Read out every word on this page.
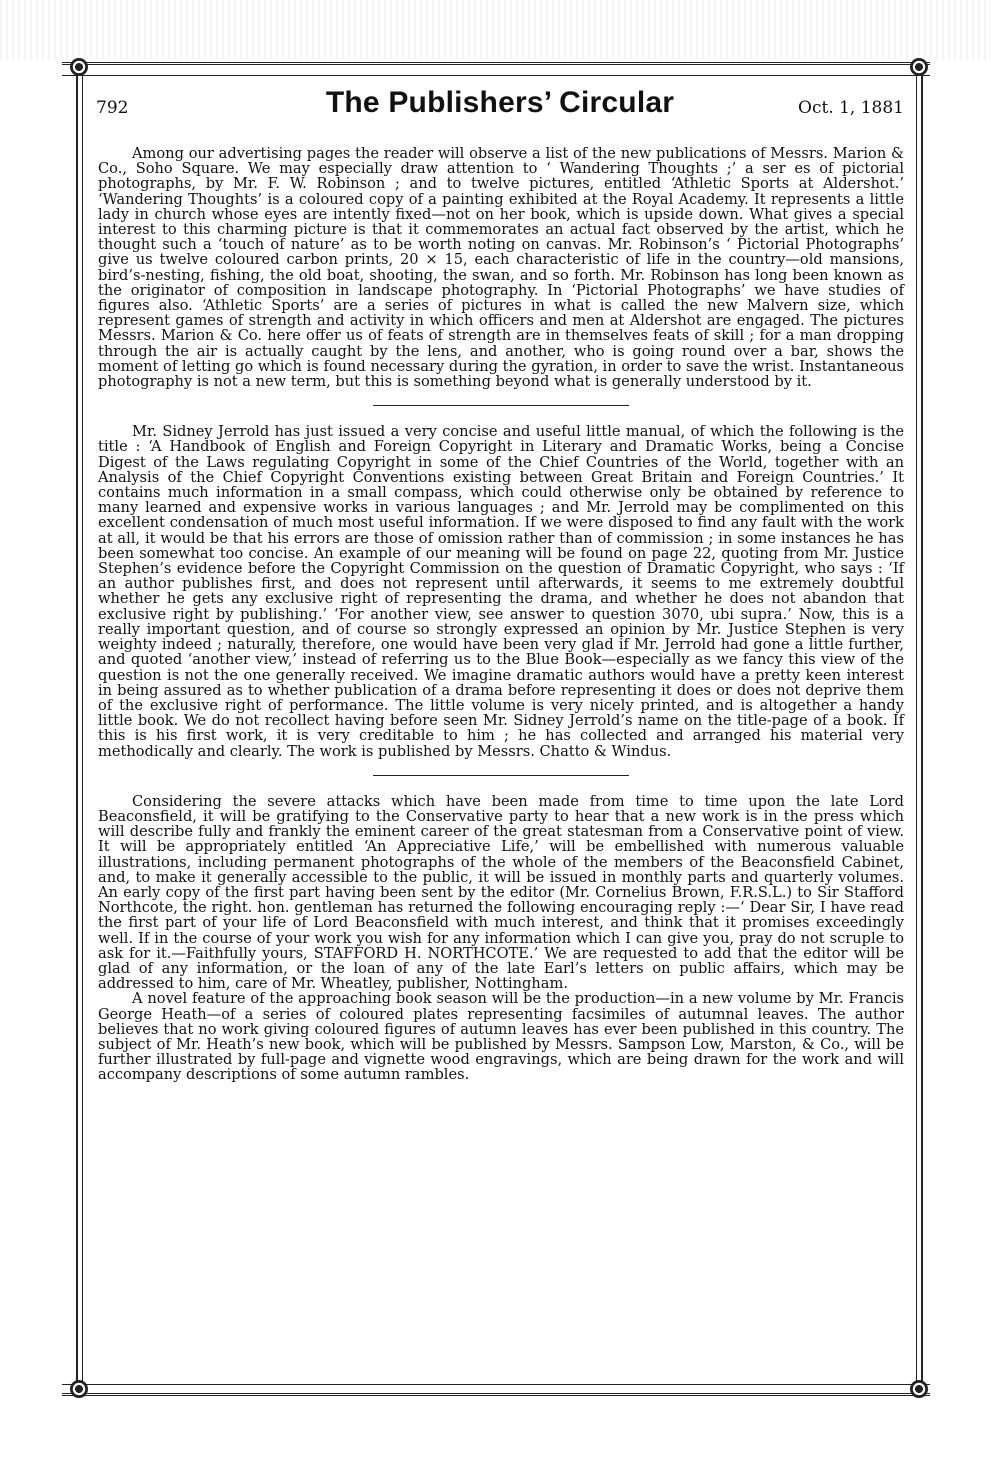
792	The Publishers’ Circular	Oct. 1, 1881

Among our advertising pages the reader will observe a list of the new publications of Messrs. Marion & Co., Soho Square. We may especially draw attention to ‘ Wandering Thoughts ;’ a ser es of pictorial photographs, by Mr. F. W. Robinson ; and to twelve pictures, entitled ‘Athletic Sports at Aldershot.’ ‘Wandering Thoughts’ is a coloured copy of a painting exhibited at the Royal Academy. It represents a little lady in church whose eyes are intently fixed—not on her book, which is upside down. What gives a special interest to this charming picture is that it commemorates an actual fact observed by the artist, which he thought such a ‘touch of nature’ as to be worth noting on canvas. Mr. Robinson’s ‘ Pictorial Photographs’ give us twelve coloured carbon prints, 20 × 15, each characteristic of life in the country—old mansions, bird’s-nesting, fishing, the old boat, shooting, the swan, and so forth. Mr. Robinson has long been known as the originator of composition in landscape photography. In ‘Pictorial Photographs’ we have studies of figures also. ‘Athletic Sports’ are a series of pictures in what is called the new Malvern size, which represent games of strength and activity in which officers and men at Aldershot are engaged. The pictures Messrs. Marion & Co. here offer us of feats of strength are in themselves feats of skill ; for a man dropping through the air is actually caught by the lens, and another, who is going round over a bar, shows the moment of letting go which is found necessary during the gyration, in order to save the wrist. Instantaneous photography is not a new term, but this is something beyond what is generally understood by it.

Mr. Sidney Jerrold has just issued a very concise and useful little manual, of which the following is the title : ‘A Handbook of English and Foreign Copyright in Literary and Dramatic Works, being a Concise Digest of the Laws regulating Copyright in some of the Chief Countries of the World, together with an Analysis of the Chief Copyright Conventions existing between Great Britain and Foreign Countries.’ It contains much information in a small compass, which could otherwise only be obtained by reference to many learned and expensive works in various languages ; and Mr. Jerrold may be complimented on this excellent condensation of much most useful information. If we were disposed to find any fault with the work at all, it would be that his errors are those of omission rather than of commission ; in some instances he has been somewhat too concise. An example of our meaning will be found on page 22, quoting from Mr. Justice Stephen’s evidence before the Copyright Commission on the question of Dramatic Copyright, who says : ‘If an author publishes first, and does not represent until afterwards, it seems to me extremely doubtful whether he gets any exclusive right of representing the drama, and whether he does not abandon that exclusive right by publishing.’ ‘For another view, see answer to question 3070, ubi supra.’ Now, this is a really important question, and of course so strongly expressed an opinion by Mr. Justice Stephen is very weighty indeed ; naturally, therefore, one would have been very glad if Mr. Jerrold had gone a little further, and quoted ‘another view,’ instead of referring us to the Blue Book—especially as we fancy this view of the question is not the one generally received. We imagine dramatic authors would have a pretty keen interest in being assured as to whether publication of a drama before representing it does or does not deprive them of the exclusive right of performance. The little volume is very nicely printed, and is altogether a handy little book. We do not recollect having before seen Mr. Sidney Jerrold’s name on the title-page of a book. If this is his first work, it is very creditable to him ; he has collected and arranged his material very methodically and clearly. The work is published by Messrs. Chatto & Windus.

Considering the severe attacks which have been made from time to time upon the late Lord Beaconsfield, it will be gratifying to the Conservative party to hear that a new work is in the press which will describe fully and frankly the eminent career of the great statesman from a Conservative point of view. It will be appropriately entitled ‘An Appreciative Life,’ will be embellished with numerous valuable illustrations, including permanent photographs of the whole of the members of the Beaconsfield Cabinet, and, to make it generally accessible to the public, it will be issued in monthly parts and quarterly volumes. An early copy of the first part having been sent by the editor (Mr. Cornelius Brown, F.R.S.L.) to Sir Stafford Northcote, the right. hon. gentleman has returned the following encouraging reply :—‘ Dear Sir, I have read the first part of your life of Lord Beaconsfield with much interest, and think that it promises exceedingly well. If in the course of your work you wish for any information which I can give you, pray do not scruple to ask for it.—Faithfully yours, STAFFORD H. NORTHCOTE.’ We are requested to add that the editor will be glad of any information, or the loan of any of the late Earl’s letters on public affairs, which may be addressed to him, care of Mr. Wheatley, publisher, Nottingham.

A novel feature of the approaching book season will be the production—in a new volume by Mr. Francis George Heath—of a series of coloured plates representing facsimiles of autumnal leaves. The author believes that no work giving coloured figures of autumn leaves has ever been published in this country. The subject of Mr. Heath’s new book, which will be published by Messrs. Sampson Low, Marston, & Co., will be further illustrated by full-page and vignette wood engravings, which are being drawn for the work and will accompany descriptions of some autumn rambles.
